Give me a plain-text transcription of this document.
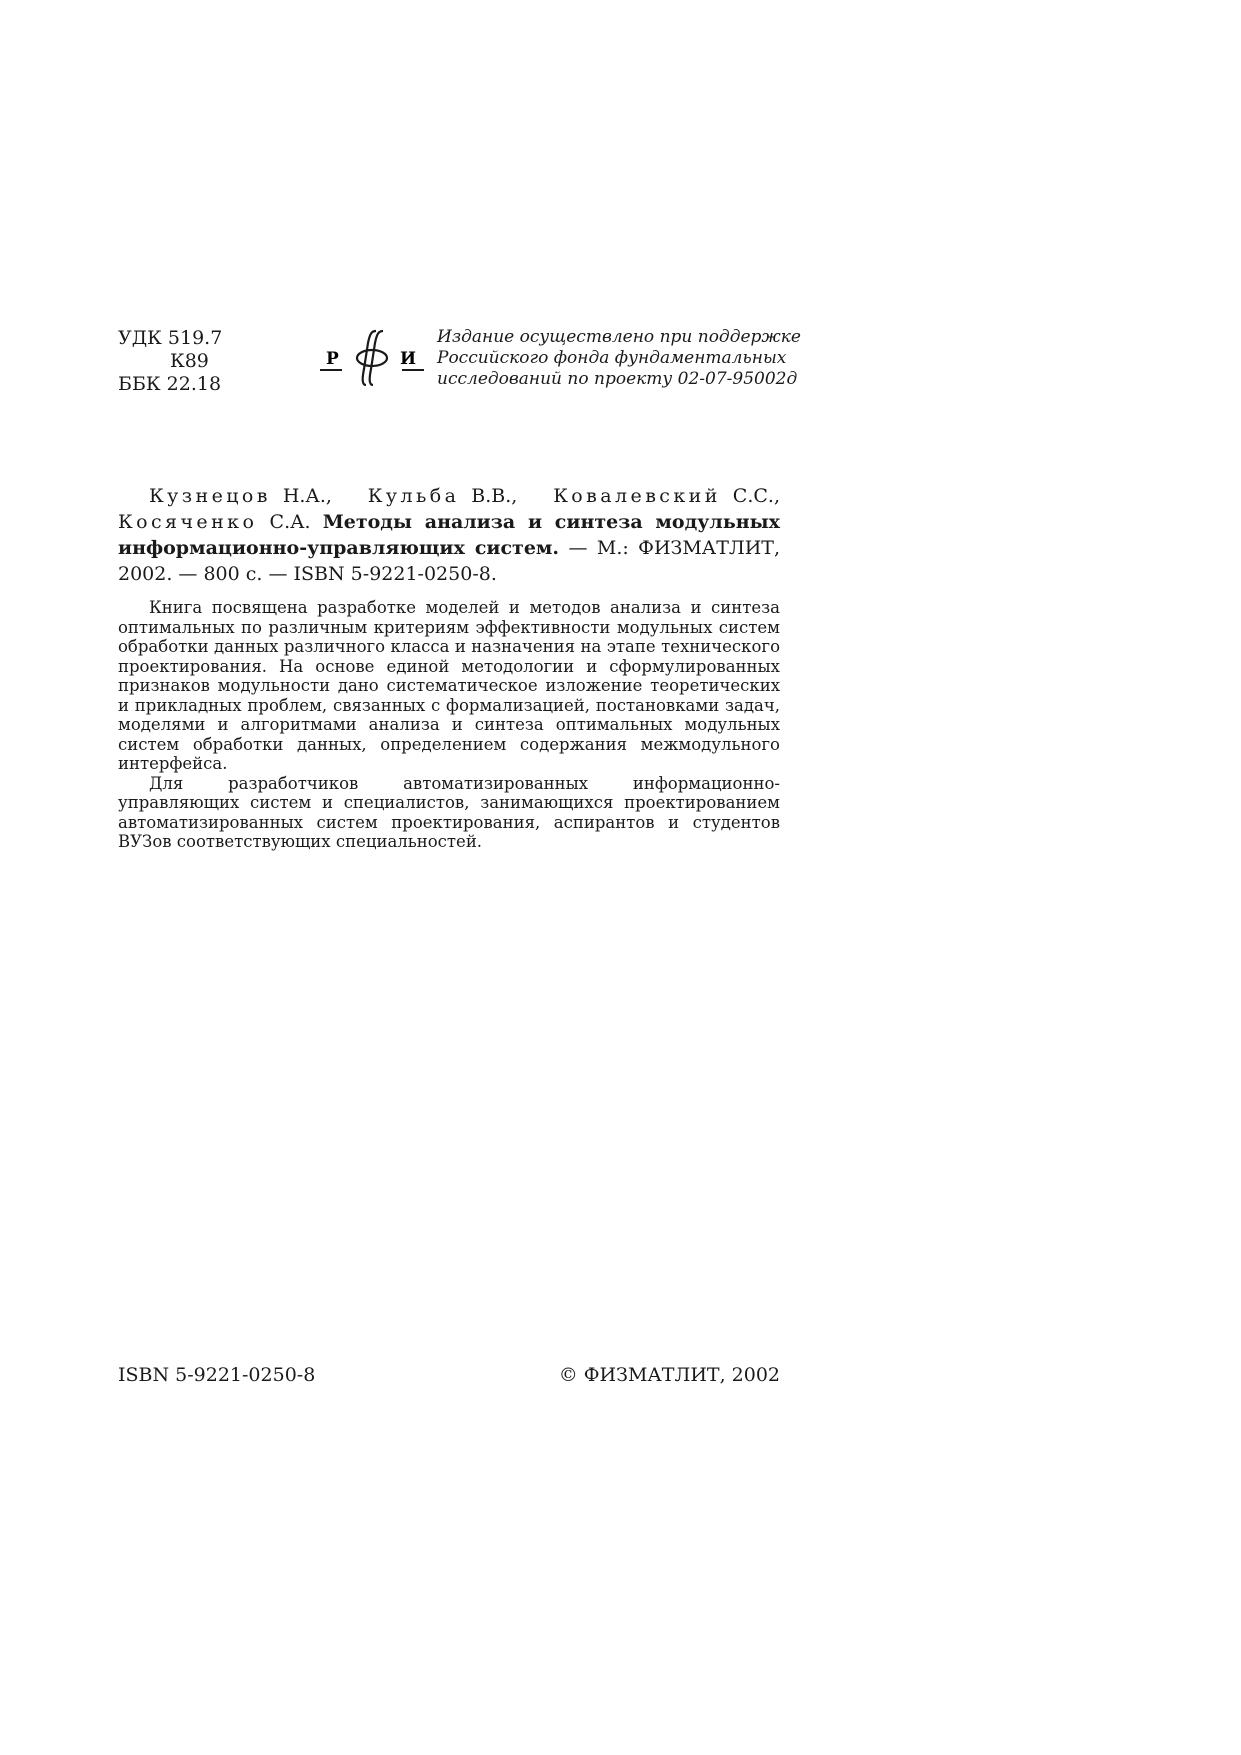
УДК 519.7
К89
ББК 22.18
Р	И
Издание осуществлено при поддержке
Российского фонда фундаментальных
исследований по проекту 02-07-95002д
Кузнецов Н.А., Кульба В.В., Ковалевский С.С., Косяченко С.А. Методы анализа и синтеза модульных информационно-управляющих систем. — М.: ФИЗМАТЛИТ, 2002. — 800 с. — ISBN 5-9221-0250-8.

Книга посвящена разработке моделей и методов анализа и синтеза оптимальных по различным критериям эффективности модульных систем обработки данных различного класса и назначения на этапе технического проектирования. На основе единой методологии и сформулированных признаков модульности дано систематическое изложение теоретических и прикладных проблем, связанных с формализацией, постановками задач, моделями и алгоритмами анализа и синтеза оптимальных модульных систем обработки данных, определением содержания межмодульного интерфейса.

Для разработчиков автоматизированных информационно-управляющих систем и специалистов, занимающихся проектированием автоматизированных систем проектирования, аспирантов и студентов ВУЗов соответствующих специальностей.

ISBN 5-9221-0250-8	© ФИЗМАТЛИТ, 2002
